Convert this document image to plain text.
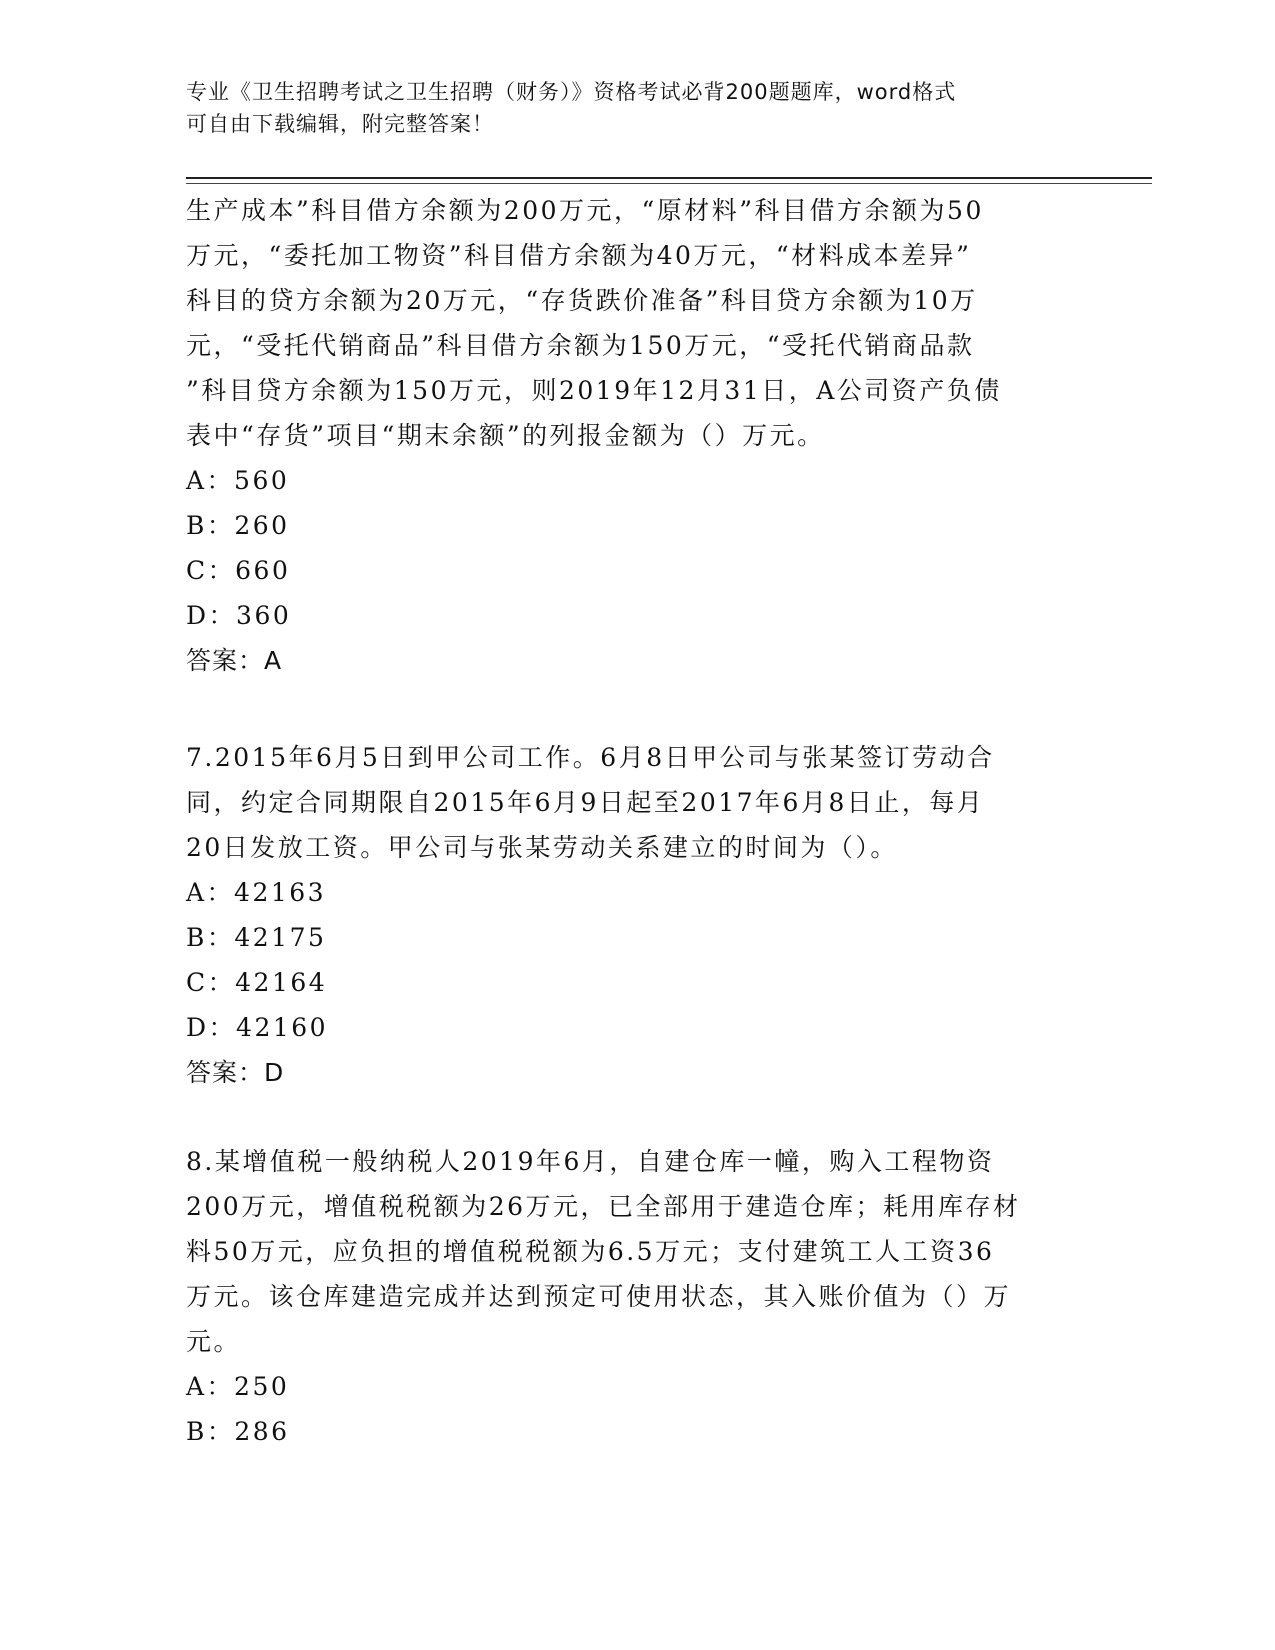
专业《卫生招聘考试之卫生招聘（财务）》资格考试必背200题题库，word格式
可自由下载编辑，附完整答案！
生产成本”科目借方余额为200万元，“原材料”科目借方余额为50
万元，“委托加工物资”科目借方余额为40万元，“材料成本差异”
科目的贷方余额为20万元，“存货跌价准备”科目贷方余额为10万
元，“受托代销商品”科目借方余额为150万元，“受托代销商品款
”科目贷方余额为150万元，则2019年12月31日，A公司资产负债
表中“存货”项目“期末余额”的列报金额为（）万元。
A：560
B：260
C：660
D：360
答案：A
7.2015年6月5日到甲公司工作。6月8日甲公司与张某签订劳动合
同，约定合同期限自2015年6月9日起至2017年6月8日止，每月
20日发放工资。甲公司与张某劳动关系建立的时间为（）。
A：42163
B：42175
C：42164
D：42160
答案：D
8.某增值税一般纳税人2019年6月，自建仓库一幢，购入工程物资
200万元，增值税税额为26万元，已全部用于建造仓库；耗用库存材
料50万元，应负担的增值税税额为6.5万元；支付建筑工人工资36
万元。该仓库建造完成并达到预定可使用状态，其入账价值为（）万
元。
A：250
B：286
